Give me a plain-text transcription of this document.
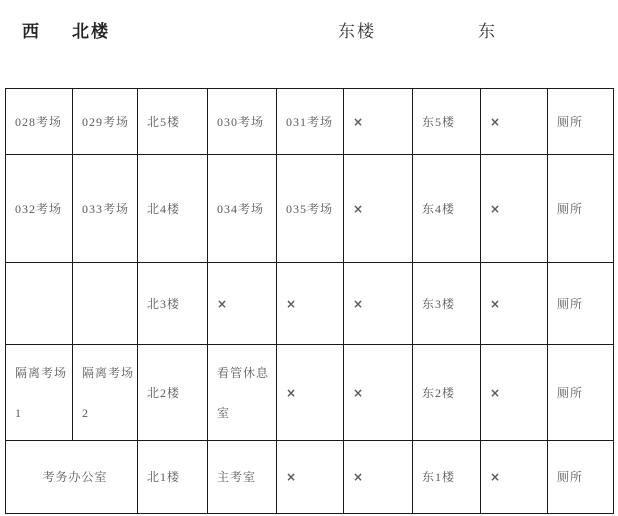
西 北楼	东楼	东
028考场	029考场	北5楼	030考场	031考场	×	东5楼	×	厕所
032考场	033考场	北4楼	034考场	035考场	×	东4楼	×	厕所
		北3楼	×	×	×	东3楼	×	厕所
隔离考场1	隔离考场2	北2楼	看管休息室	×	×	东2楼	×	厕所
考务办公室		北1楼	主考室	×	×	东1楼	×	厕所
